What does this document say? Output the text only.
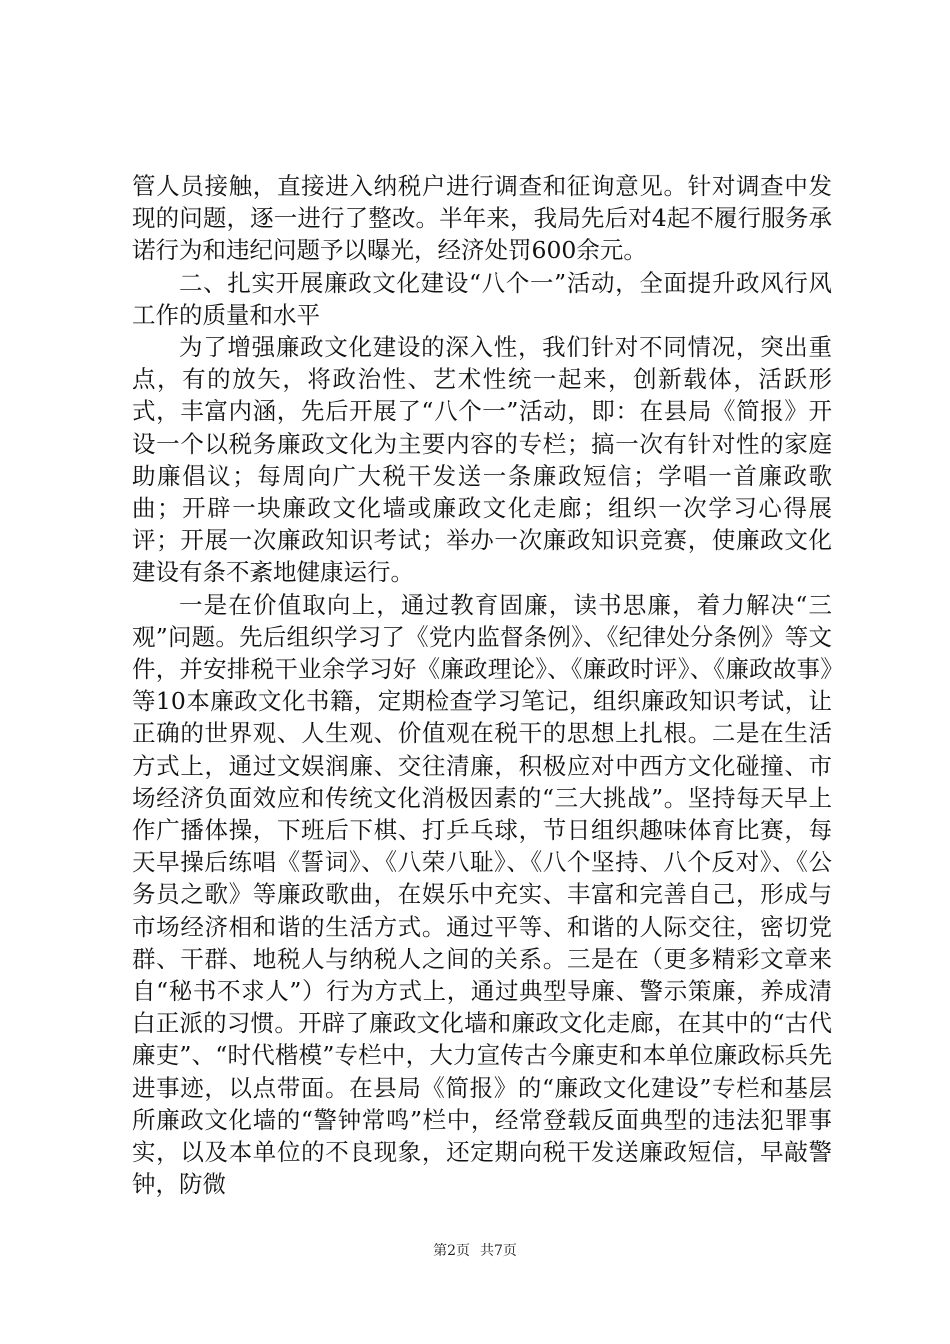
管人员接触，直接进入纳税户进行调查和征询意见。针对调查中发现的问题，逐一进行了整改。半年来，我局先后对4起不履行服务承诺行为和违纪问题予以曝光，经济处罚600余元。

二、扎实开展廉政文化建设“八个一”活动，全面提升政风行风工作的质量和水平

为了增强廉政文化建设的深入性，我们针对不同情况，突出重点，有的放矢，将政治性、艺术性统一起来，创新载体，活跃形式，丰富内涵，先后开展了“八个一”活动，即：在县局《简报》开设一个以税务廉政文化为主要内容的专栏；搞一次有针对性的家庭助廉倡议；每周向广大税干发送一条廉政短信；学唱一首廉政歌曲；开辟一块廉政文化墙或廉政文化走廊；组织一次学习心得展评；开展一次廉政知识考试；举办一次廉政知识竞赛，使廉政文化建设有条不紊地健康运行。

一是在价值取向上，通过教育固廉，读书思廉，着力解决“三观”问题。先后组织学习了《党内监督条例》、《纪律处分条例》等文件，并安排税干业余学习好《廉政理论》、《廉政时评》、《廉政故事》等10本廉政文化书籍，定期检查学习笔记，组织廉政知识考试，让正确的世界观、人生观、价值观在税干的思想上扎根。二是在生活方式上，通过文娱润廉、交往清廉，积极应对中西方文化碰撞、市场经济负面效应和传统文化消极因素的“三大挑战”。坚持每天早上作广播体操，下班后下棋、打乒乓球，节日组织趣味体育比赛，每天早操后练唱《誓词》、《八荣八耻》、《八个坚持、八个反对》、《公务员之歌》等廉政歌曲，在娱乐中充实、丰富和完善自己，形成与市场经济相和谐的生活方式。通过平等、和谐的人际交往，密切党群、干群、地税人与纳税人之间的关系。三是在（更多精彩文章来自“秘书不求人”）行为方式上，通过典型导廉、警示策廉，养成清白正派的习惯。开辟了廉政文化墙和廉政文化走廊，在其中的“古代廉吏”、“时代楷模”专栏中，大力宣传古今廉吏和本单位廉政标兵先进事迹，以点带面。在县局《简报》的“廉政文化建设”专栏和基层所廉政文化墙的“警钟常鸣”栏中，经常登载反面典型的违法犯罪事实，以及本单位的不良现象，还定期向税干发送廉政短信，早敲警钟，防微

第2页 共7页
